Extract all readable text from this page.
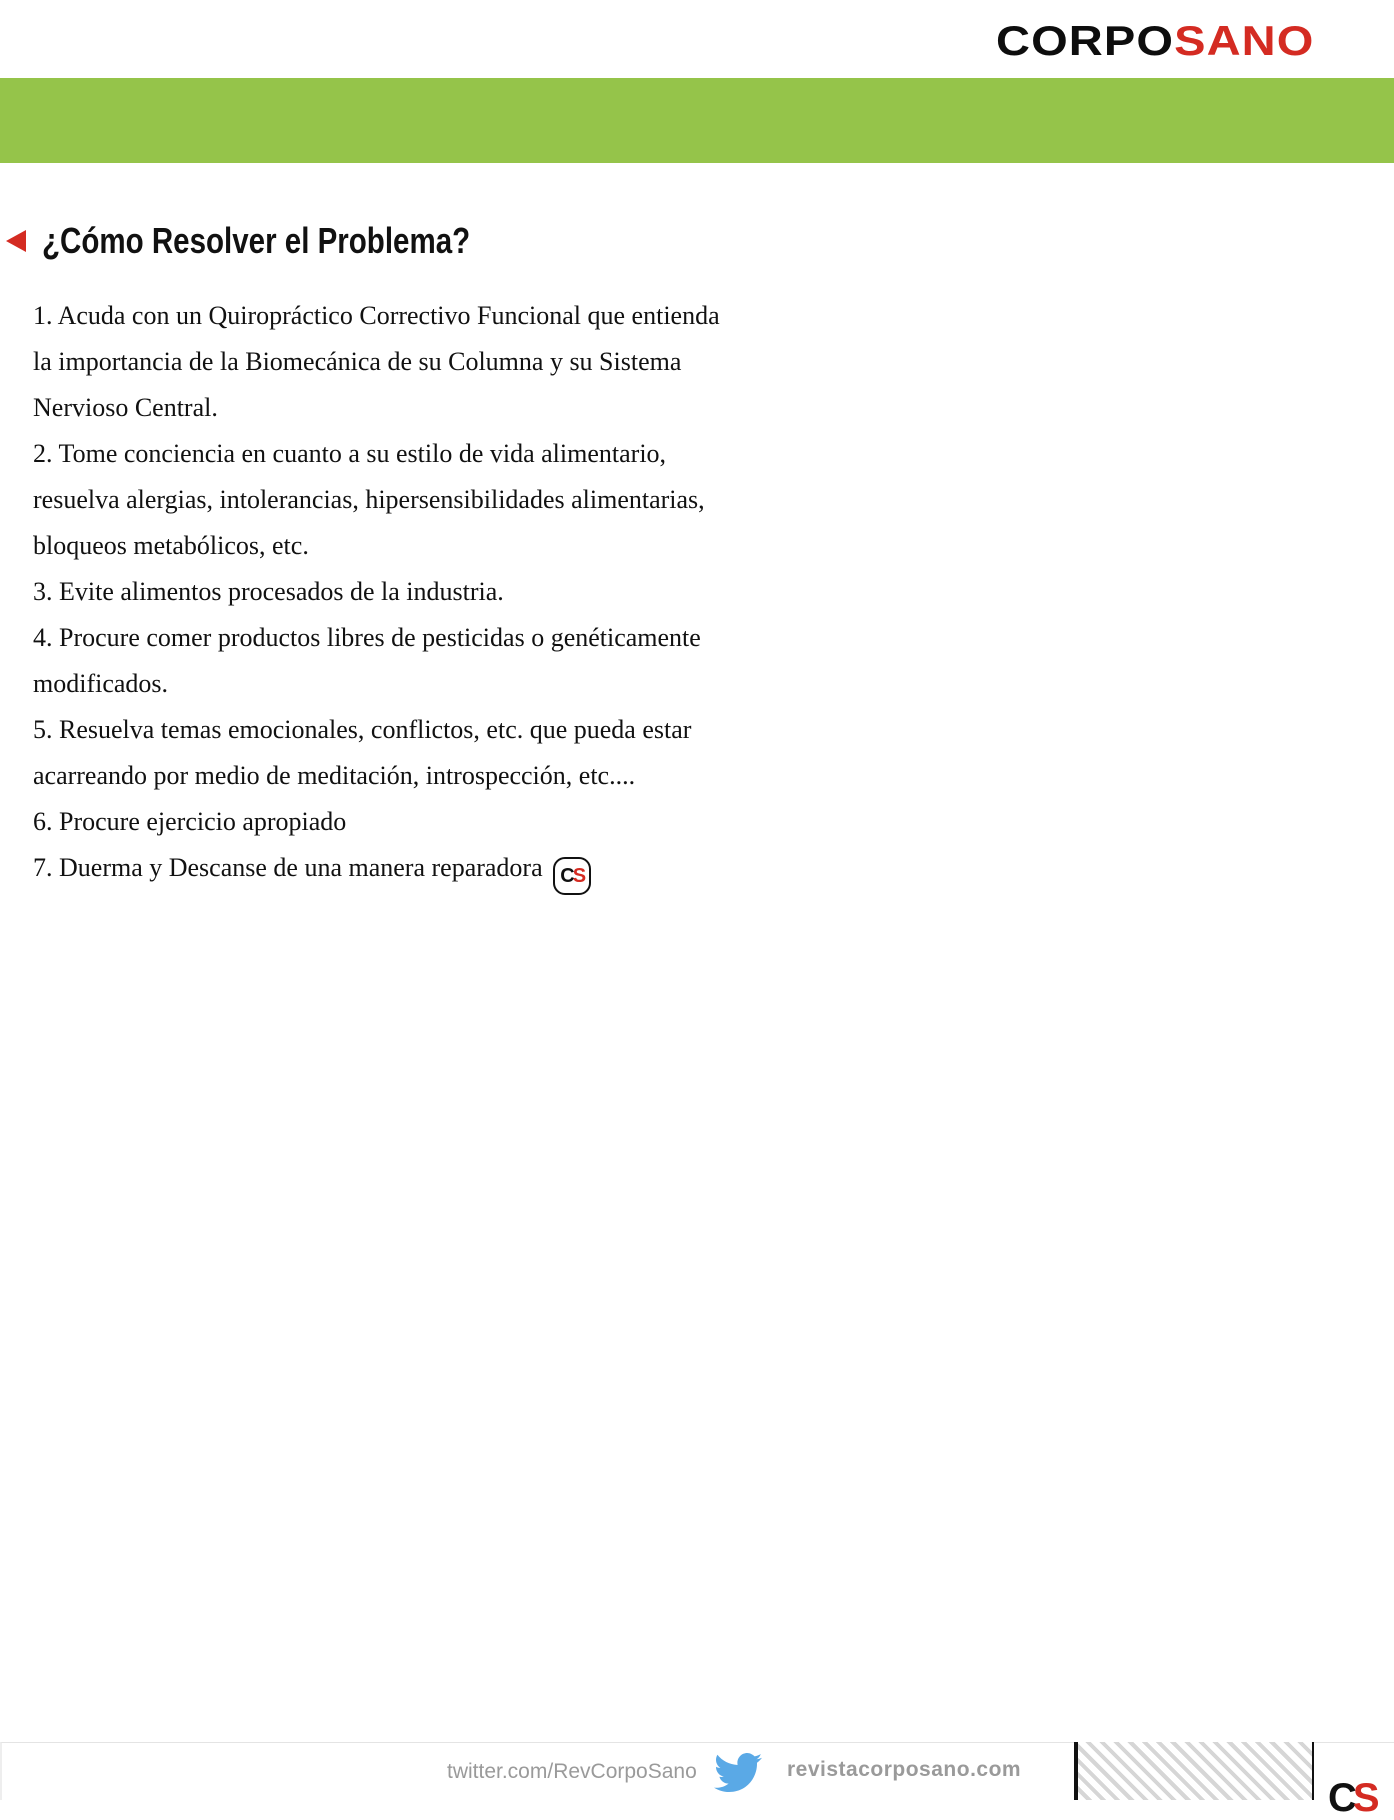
CORPOSANO
¿Cómo Resolver el Problema?

1. Acuda con un Quiropráctico Correctivo Funcional que entienda

la importancia de la Biomecánica de su Columna y su Sistema

Nervioso Central.

2. Tome conciencia en cuanto a su estilo de vida alimentario,

resuelva alergias, intolerancias, hipersensibilidades alimentarias,

bloqueos metabólicos, etc.

3. Evite alimentos procesados de la industria.

4. Procure comer productos libres de pesticidas o genéticamente

modificados.

5. Resuelva temas emocionales, conflictos, etc. que pueda estar

acarreando por medio de meditación, introspección, etc....

6. Procure ejercicio apropiado

7. Duerma y Descanse de una manera reparadora C S

twitter.com/RevCorpoSano	revistacorposano.com
CS
